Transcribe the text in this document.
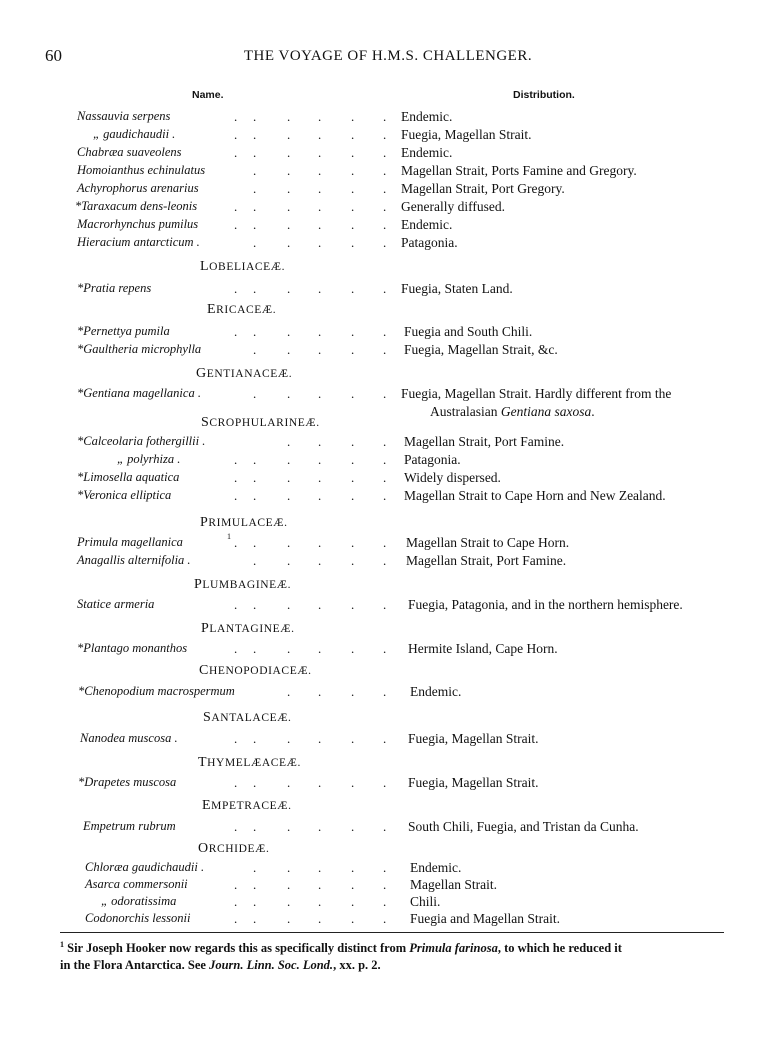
60	THE VOYAGE OF H.M.S. CHALLENGER.
Name.	Distribution.
Nassauvia serpens	. . . . . . Endemic.
„ gaudichaudii .	. . . . . . Fuegia, Magellan Strait.
Chabræa suaveolens	. . . . . . Endemic.
Homoianthus echinulatus	. . . . . Magellan Strait, Ports Famine and Gregory.
Achyrophorus arenarius	. . . . . Magellan Strait, Port Gregory.
*Taraxacum dens-leonis	. . . . . . Generally diffused.
Macrorhynchus pumilus	. . . . . . Endemic.
Hieracium antarcticum .	. . . . . Patagonia.
*Pratia repens	. . . . . . Fuegia, Staten Land.
*Pernettya pumila	. . . . . . Fuegia and South Chili.
*Gaultheria microphylla	. . . . . Fuegia, Magellan Strait, &c.
*Gentiana magellanica .	. . . . . Fuegia, Magellan Strait. Hardly different from the
Australasian Gentiana saxosa.
*Calceolaria fothergillii .	. . . . Magellan Strait, Port Famine.
„ polyrhiza .	. . . . . . Patagonia.
*Limosella aquatica	. . . . . . Widely dispersed.
*Veronica elliptica	. . . . . . Magellan Strait to Cape Horn and New Zealand.
Primula magellanica	1 . . . . . . Magellan Strait to Cape Horn.
Anagallis alternifolia .	. . . . . Magellan Strait, Port Famine.
Statice armeria	. . . . . . Fuegia, Patagonia, and in the northern hemisphere.
*Plantago monanthos	. . . . . . Hermite Island, Cape Horn.
*Chenopodium macrospermum	. . . . Endemic.
Nanodea muscosa .	. . . . . . Fuegia, Magellan Strait.
*Drapetes muscosa	. . . . . . Fuegia, Magellan Strait.
Empetrum rubrum	. . . . . . South Chili, Fuegia, and Tristan da Cunha.
Chloræa gaudichaudii .	. . . . . Endemic.
Asarca commersonii	. . . . . . Magellan Strait.
„ odoratissima	. . . . . . Chili.
Codonorchis lessonii	. . . . . . Fuegia and Magellan Strait.
LOBELIACEÆ.
ERICACEÆ.
GENTIANACEÆ.
SCROPHULARINEÆ.
PRIMULACEÆ.
PLUMBAGINEÆ.
PLANTAGINEÆ.
CHENOPODIACEÆ.
SANTALACEÆ.
THYMELÆACEÆ.
EMPETRACEÆ.
ORCHIDEÆ.
$^1$ Sir Joseph Hooker now regards this as specifically distinct from Primula farinosa, to which he reduced it
in the Flora Antarctica. See Journ. Linn. Soc. Lond., xx. p. 2.
